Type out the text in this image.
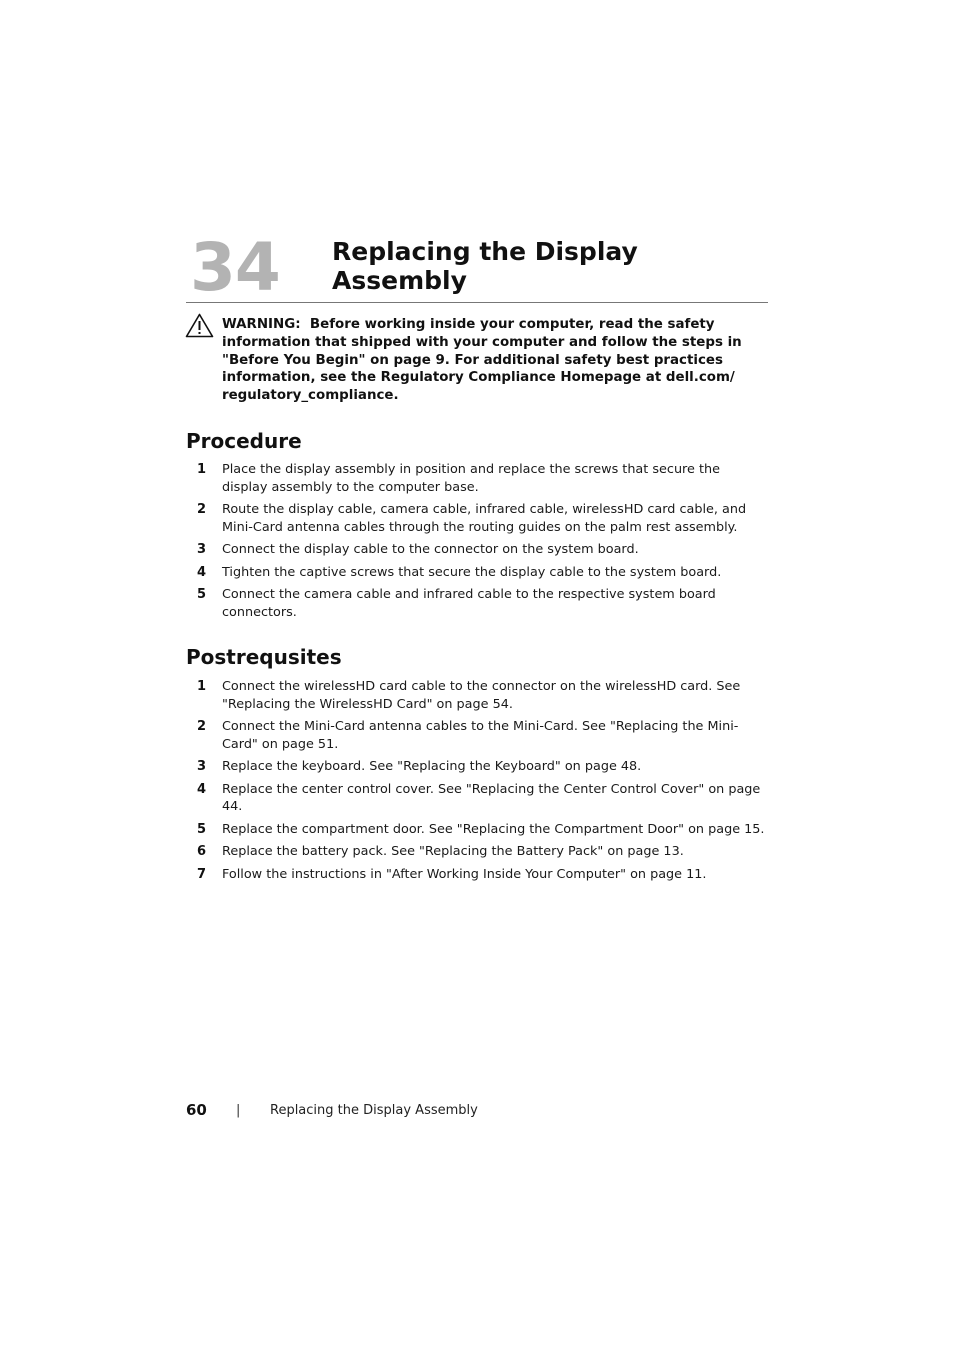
34 Replacing the Display Assembly
WARNING: Before working inside your computer, read the safety information that shipped with your computer and follow the steps in "Before You Begin" on page 9. For additional safety best practices information, see the Regulatory Compliance Homepage at dell.com/ regulatory_compliance.
Procedure
1 Place the display assembly in position and replace the screws that secure the display assembly to the computer base.
2 Route the display cable, camera cable, infrared cable, wirelessHD card cable, and Mini-Card antenna cables through the routing guides on the palm rest assembly.
3 Connect the display cable to the connector on the system board.
4 Tighten the captive screws that secure the display cable to the system board.
5 Connect the camera cable and infrared cable to the respective system board connectors.
Postrequsites
1 Connect the wirelessHD card cable to the connector on the wirelessHD card. See "Replacing the WirelessHD Card" on page 54.
2 Connect the Mini-Card antenna cables to the Mini-Card. See "Replacing the Mini-Card" on page 51.
3 Replace the keyboard. See "Replacing the Keyboard" on page 48.
4 Replace the center control cover. See "Replacing the Center Control Cover" on page 44.
5 Replace the compartment door. See "Replacing the Compartment Door" on page 15.
6 Replace the battery pack. See "Replacing the Battery Pack" on page 13.
7 Follow the instructions in "After Working Inside Your Computer" on page 11.
60 | Replacing the Display Assembly
